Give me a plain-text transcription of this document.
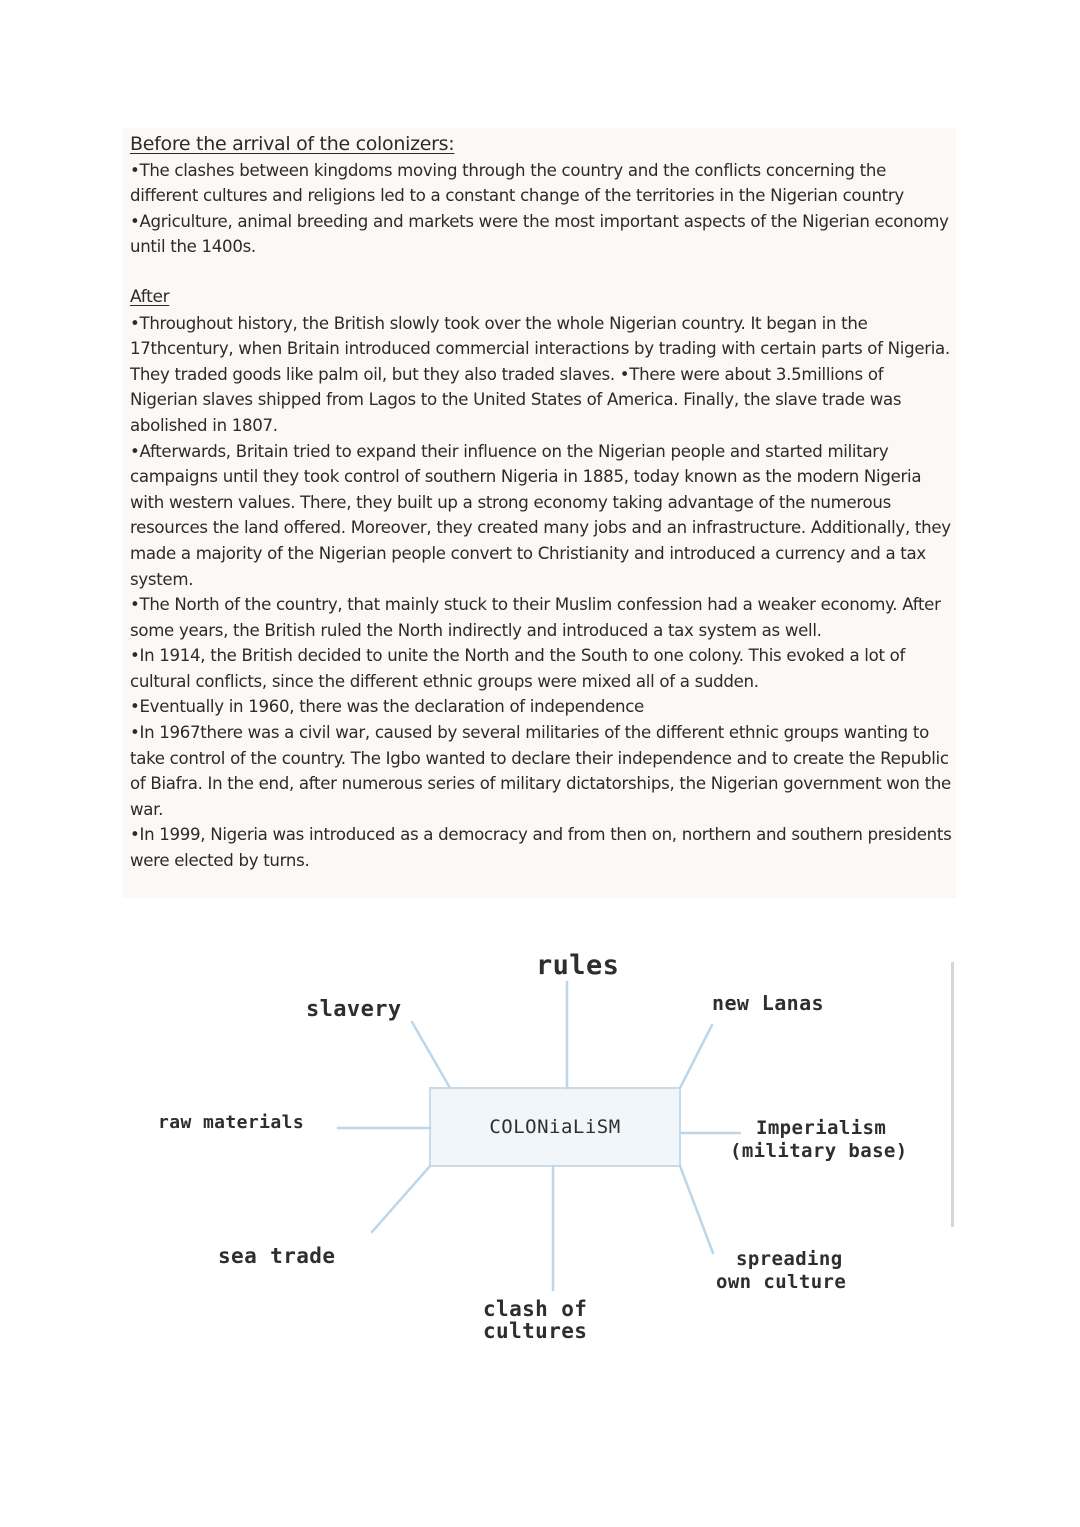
Before the arrival of the colonizers:

•The clashes between kingdoms moving through the country and the conflicts concerning the different cultures and religions led to a constant change of the territories in the Nigerian country

•Agriculture, animal breeding and markets were the most important aspects of the Nigerian economy until the 1400s.

After

•Throughout history, the British slowly took over the whole Nigerian country. It began in the 17thcentury, when Britain introduced commercial interactions by trading with certain parts of Nigeria. They traded goods like palm oil, but they also traded slaves. •There were about 3.5millions of Nigerian slaves shipped from Lagos to the United States of America. Finally, the slave trade was abolished in 1807.

•Afterwards, Britain tried to expand their influence on the Nigerian people and started military campaigns until they took control of southern Nigeria in 1885, today known as the modern Nigeria with western values. There, they built up a strong economy taking advantage of the numerous resources the land offered. Moreover, they created many jobs and an infrastructure. Additionally, they made a majority of the Nigerian people convert to Christianity and introduced a currency and a tax system.

•The North of the country, that mainly stuck to their Muslim confession had a weaker economy. After some years, the British ruled the North indirectly and introduced a tax system as well.

•In 1914, the British decided to unite the North and the South to one colony. This evoked a lot of cultural conflicts, since the different ethnic groups were mixed all of a sudden.

•Eventually in 1960, there was the declaration of independence

•In 1967there was a civil war, caused by several militaries of the different ethnic groups wanting to take control of the country. The Igbo wanted to declare their independence and to create the Republic of Biafra. In the end, after numerous series of military dictatorships, the Nigerian government won the war.

•In 1999, Nigeria was introduced as a democracy and from then on, northern and southern presidents were elected by turns.

COLONiaLiSM
rules
slavery	new Lanas
raw materials	Imperialism
(military base)
sea trade
clash of
cultures
spreading
own culture
